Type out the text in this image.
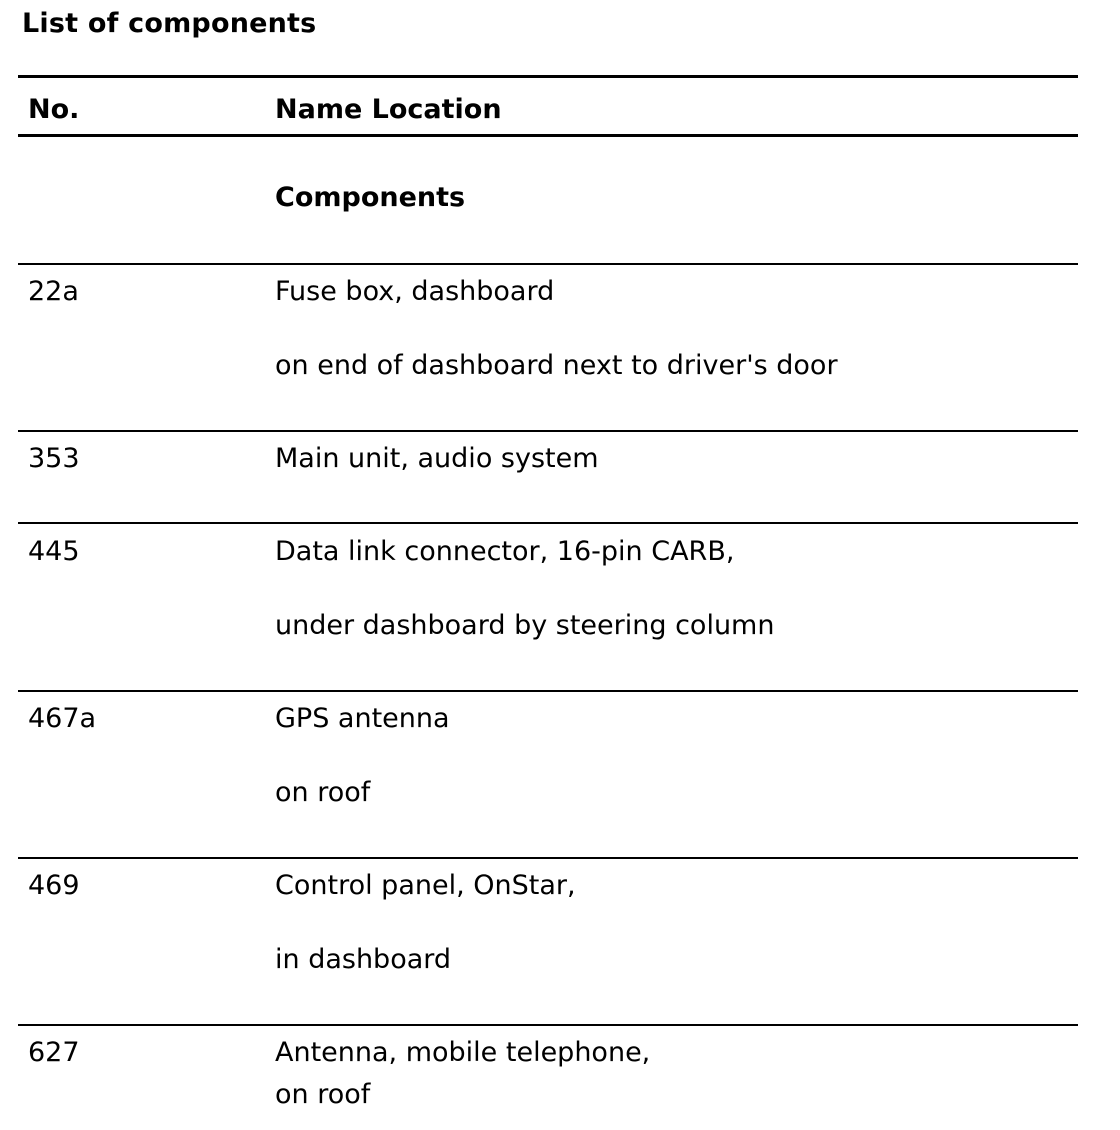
List of components
No.	Name Location
Components
22a	Fuse box, dashboard
on end of dashboard next to driver's door
353	Main unit, audio system
445	Data link connector, 16-pin CARB,
under dashboard by steering column
467a	GPS antenna
on roof
469	Control panel, OnStar,
in dashboard
627	Antenna, mobile telephone,
on roof
